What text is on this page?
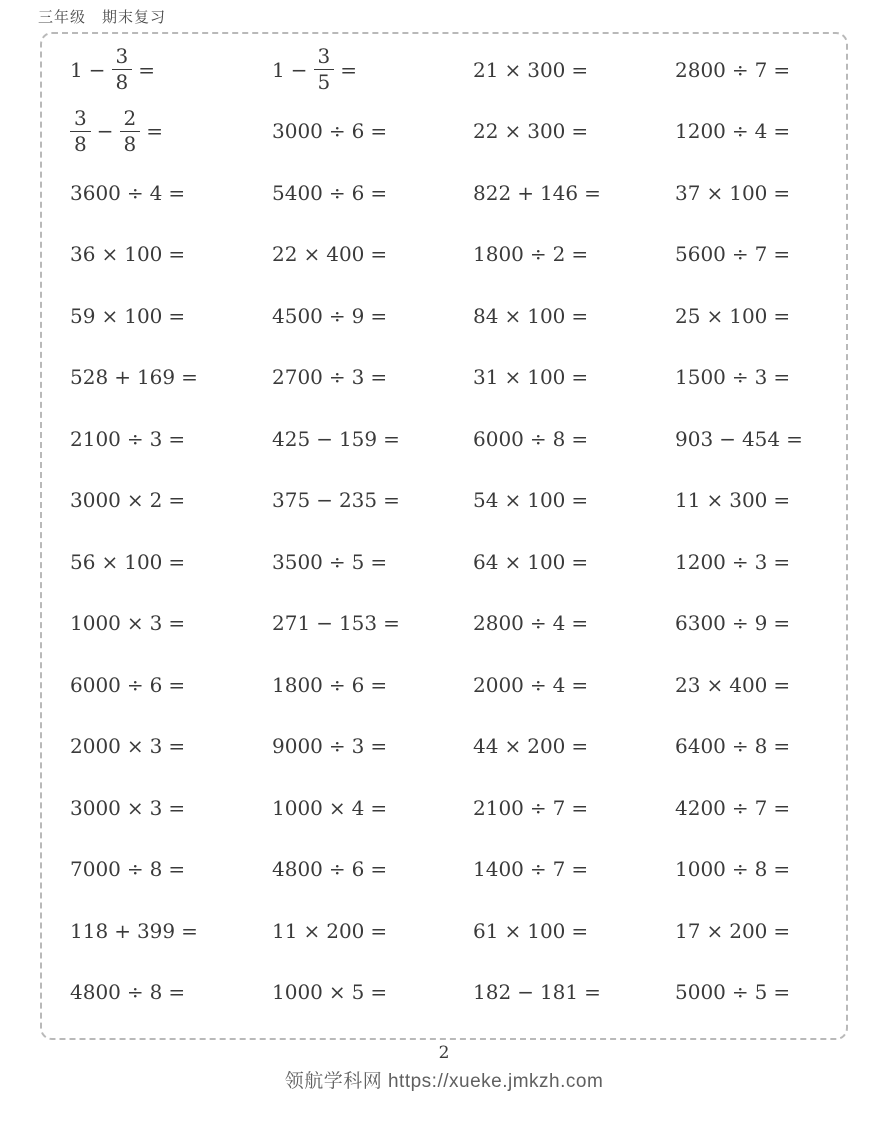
三年级　期末复习
$1 - \frac{3}{8}$ =	$1 - \frac{3}{5}$ =	21 × 300 =	2800 ÷ 7 =
$\frac{3}{8} - \frac{2}{8}$ =	3000 ÷ 6 =	22 × 300 =	1200 ÷ 4 =
3600 ÷ 4 =	5400 ÷ 6 =	822 + 146 =	37 × 100 =
36 × 100 =	22 × 400 =	1800 ÷ 2 =	5600 ÷ 7 =
59 × 100 =	4500 ÷ 9 =	84 × 100 =	25 × 100 =
528 + 169 =	2700 ÷ 3 =	31 × 100 =	1500 ÷ 3 =
2100 ÷ 3 =	425 − 159 =	6000 ÷ 8 =	903 − 454 =
3000 × 2 =	375 − 235 =	54 × 100 =	11 × 300 =
56 × 100 =	3500 ÷ 5 =	64 × 100 =	1200 ÷ 3 =
1000 × 3 =	271 − 153 =	2800 ÷ 4 =	6300 ÷ 9 =
6000 ÷ 6 =	1800 ÷ 6 =	2000 ÷ 4 =	23 × 400 =
2000 × 3 =	9000 ÷ 3 =	44 × 200 =	6400 ÷ 8 =
3000 × 3 =	1000 × 4 =	2100 ÷ 7 =	4200 ÷ 7 =
7000 ÷ 8 =	4800 ÷ 6 =	1400 ÷ 7 =	1000 ÷ 8 =
118 + 399 =	11 × 200 =	61 × 100 =	17 × 200 =
4800 ÷ 8 =	1000 × 5 =	182 − 181 =	5000 ÷ 5 =
2
领航学科网 https://xueke.jmkzh.com
